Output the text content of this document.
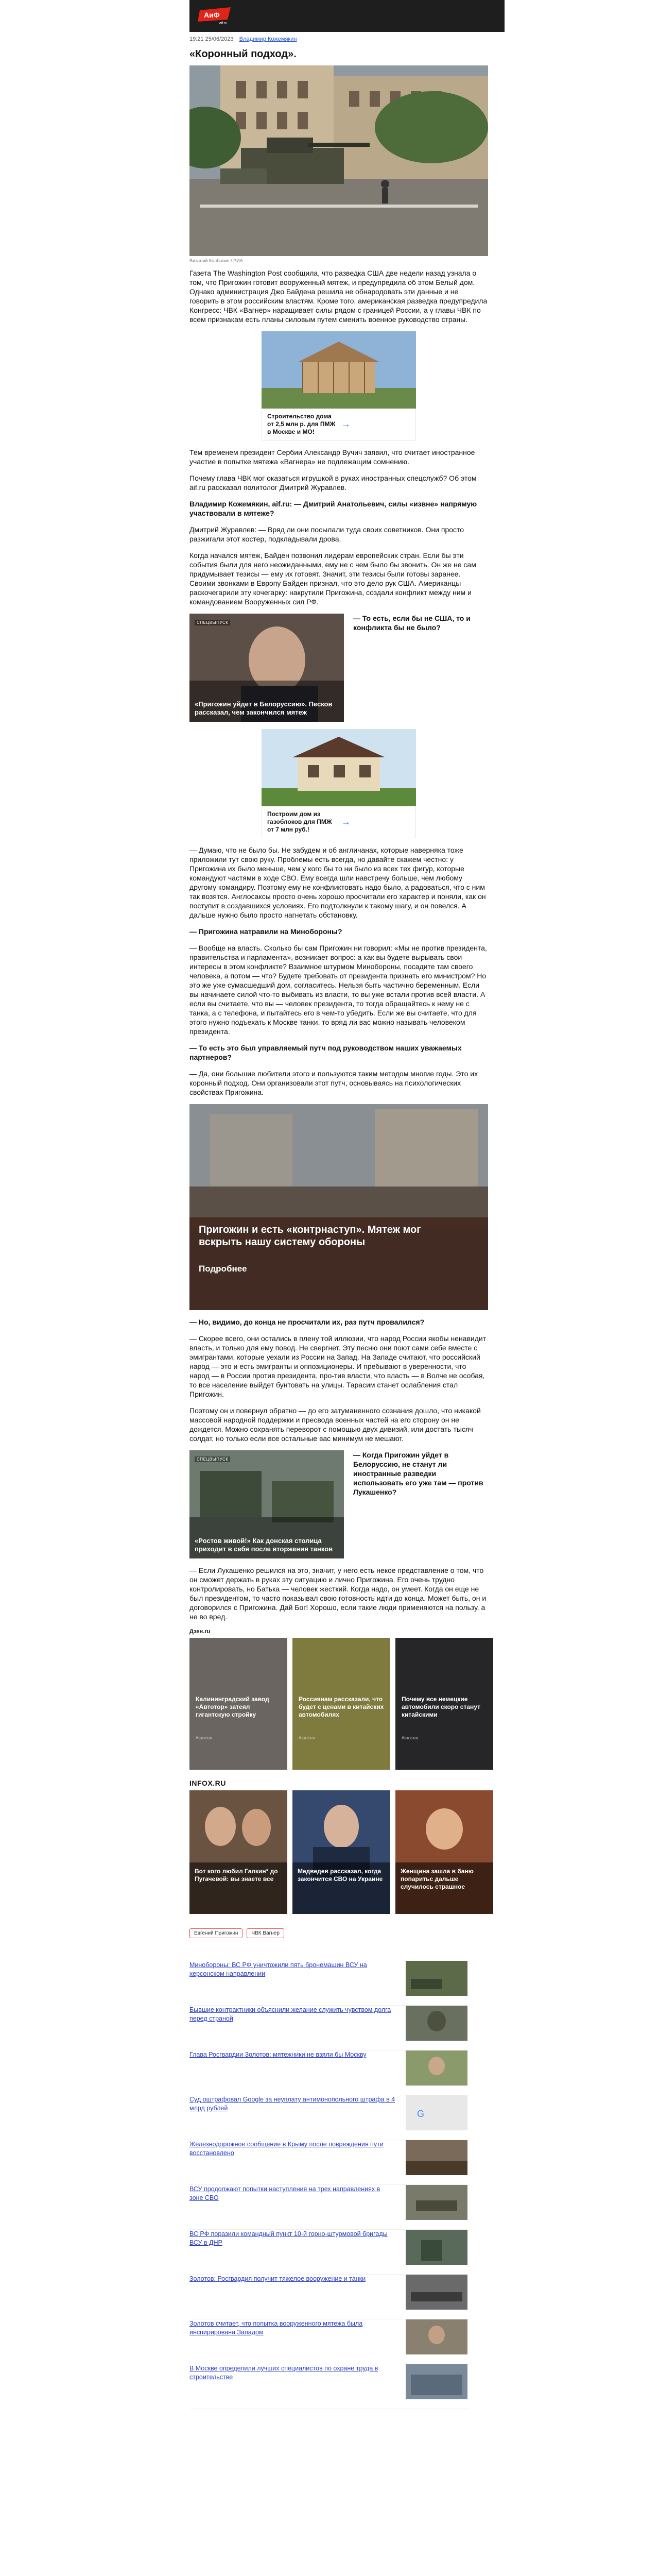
АиФ
aif.ru
19:21 25/06/2023 Владимир Кожемякин
«Коронный подход».
Виталий Колбасин / РИА

Газета The Washington Post сообщила, что разведка США две недели назад узнала о том, что Пригожин готовит вооруженный мятеж, и предупредила об этом Белый дом. Однако администрация Джо Байдена решила не обнародовать эти данные и не говорить в этом российским властям. Кроме того, американская разведка предупредила Конгресс: ЧВК «Вагнер» наращивает силы рядом с границей России, а у главы ЧВК по всем признакам есть планы силовым путем сменить военное руководство страны.

Строительство дома от 2,5 млн р. для ПМЖ в Москве и МО!
→

Тем временем президент Сербии Александр Вучич заявил, что считает иностранное участие в попытке мятежа «Вагнера» не подлежащим сомнению.

Почему глава ЧВК мог оказаться игрушкой в руках иностранных спецслужб? Об этом aif.ru рассказал политолог Дмитрий Журавлев.

Владимир Кожемякин, aif.ru: — Дмитрий Анатольевич, силы «извне» напрямую участвовали в мятеже?

Дмитрий Журавлев: — Вряд ли они посылали туда своих советников. Они просто разжигали этот костер, подкладывали дрова.

Когда начался мятеж, Байден позвонил лидерам европейских стран. Если бы эти события были для него неожиданными, ему не с чем было бы звонить. Он же не сам придумывает тезисы — ему их готовят. Значит, эти тезисы были готовы заранее. Своими звонками в Европу Байден признал, что это дело рук США. Американцы раскочегарили эту кочегарку: накрутили Пригожина, создали конфликт между ним и командованием Вооруженных сил РФ.

СПЕЦВЫПУСК
«Пригожин уйдет в Белоруссию». Песков рассказал, чем закончился мятеж
— То есть, если бы не США, то и конфликта бы не было?
Построим дом из газоблоков для ПМЖ от 7 млн руб.!
→

— Думаю, что не было бы. Не забудем и об англичанах, которые наверняка тоже приложили тут свою руку. Проблемы есть всегда, но давайте скажем честно: у Пригожина их было меньше, чем у кого бы то ни было из всех тех фигур, которые командуют частями в ходе СВО. Ему всегда шли навстречу больше, чем любому другому командиру. Поэтому ему не конфликтовать надо было, а радоваться, что с ним так возятся. Англосаксы просто очень хорошо просчитали его характер и поняли, как он поступит в создавшихся условиях. Его подтолкнули к такому шагу, и он повелся. А дальше нужно было просто нагнетать обстановку.

— Пригожина натравили на Минобороны?

— Вообще на власть. Сколько бы сам Пригожин ни говорил: «Мы не против президента, правительства и парламента», возникает вопрос: а как вы будете вырывать свои интересы в этом конфликте? Взаимное штурмом Минобороны, посадите там своего человека, а потом — что? Будете требовать от президента признать его министром? Но это же уже сумасшедший дом, согласитесь. Нельзя быть частично беременным. Если вы начинаете силой что-то выбивать из власти, то вы уже встали против всей власти. А если вы считаете, что вы — человек президента, то тогда обращайтесь к нему не с танка, а с телефона, и пытайтесь его в чем-то убедить. Если же вы считаете, что для этого нужно подъехать к Москве танки, то вряд ли вас можно называть человеком президента.

— То есть это был управляемый путч под руководством наших уважаемых партнеров?

— Да, они большие любители этого и пользуются таким методом многие годы. Это их коронный подход. Они организовали этот путч, основываясь на психологических свойствах Пригожина.

Пригожин и есть «контрнаступ». Мятеж мог вскрыть нашу систему обороны
Подробнее

— Но, видимо, до конца не просчитали их, раз путч провалился?

— Скорее всего, они остались в плену той иллюзии, что народ России якобы ненавидит власть, и только для ему повод. Не свергнет. Эту песню они поют сами себе вместе с эмигрантами, которые уехали из России на Запад. На Западе считают, что российский народ — это и есть эмигранты и оппозиционеры. И пребывают в уверенности, что народ — в России против президента, про-тив власти, что власть — в Волче не особая, то все население выйдет бунтовать на улицы. Тарасим станет ослабления стал Пригожин.

Поэтому он и повернул обратно — до его затуманенного сознания дошло, что никакой массовой народной поддержки и пресвода военных частей на его сторону он не дождется. Можно сохранять переворот с помощью двух дивизий, или достать тысяч солдат, но только если все остальные вас минимум не мешают.

СПЕЦВЫПУСК
«Ростов живой!» Как донская столица приходит в себя после вторжения танков
— Когда Пригожин уйдет в Белоруссию, не станут ли иностранные разведки использовать его уже там — против Лукашенко?

— Если Лукашенко решился на это, значит, у него есть некое представление о том, что он сможет держать в руках эту ситуацию и лично Пригожина. Его очень трудно контролировать, но Батька — человек жесткий. Когда надо, он умеет. Когда он еще не был президентом, то часто показывал свою готовность идти до конца. Может быть, он и договорился с Пригожина. Дай Бог! Хорошо, если такие люди применяются на пользу, а не во вред.

Дзен.ru
Калининградский завод «Автотор» затеял гигантскую стройку
Автостат
Россиянам рассказали, что будет с ценами в китайских автомобилях
Автостат
Почему все немецкие автомобили скоро станут китайскими
Автостат
INFOX.RU
Вот кого любил Галкин* до Пугачевой: вы знаете все
Медведев рассказал, когда закончится СВО на Украине
Женщина зашла в баню попаритьс дальше случилось страшное
Евгений Пригожин	ЧВК Вагнер
Минобороны: ВС РФ уничтожили пять бронемашин ВСУ на херсонском направлении
Бывшие контрактники объяснили желание служить чувством долга перед страной
Глава Росгвардии Золотов: мятежники не взяли бы Москву
Суд оштрафовал Google за неуплату антимонопольного штрафа в 4 млрд рублей
G
Железнодорожное сообщение в Крыму после повреждения пути восстановлено
ВСУ продолжают попытки наступления на трех направлениях в зоне СВО
ВС РФ поразили командный пункт 10-й горно-штурмовой бригады ВСУ в ДНР
Золотов: Росгвардия получит тяжелое вооружение и танки
Золотов считает, что попытка вооруженного мятежа была инспирирована Западом
В Москве определили лучших специалистов по охране труда в строительстве
